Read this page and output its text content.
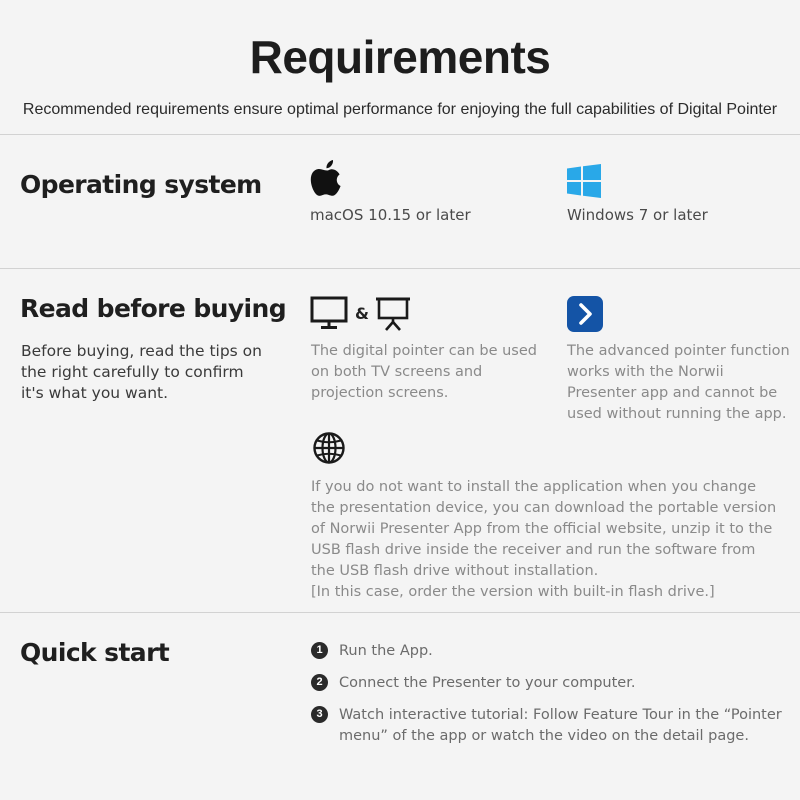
Requirements
Recommended requirements ensure optimal performance for enjoying the full capabilities of Digital Pointer
Operating system
macOS 10.15 or later	Windows 7 or later
Read before buying
Before buying, read the tips on the right carefully to confirm it's what you want.
&
The digital pointer can be used on both TV screens and projection screens.
The advanced pointer function works with the Norwii Presenter app and cannot be used without running the app.
If you do not want to install the application when you change the presentation device, you can download the portable version of Norwii Presenter App from the official website, unzip it to the USB flash drive inside the receiver and run the software from the USB flash drive without installation.
[In this case, order the version with built-in flash drive.]
Quick start	1	Run the App.
2	Connect the Presenter to your computer.
3	Watch interactive tutorial: Follow Feature Tour in the “Pointer menu” of the app or watch the video on the detail page.
